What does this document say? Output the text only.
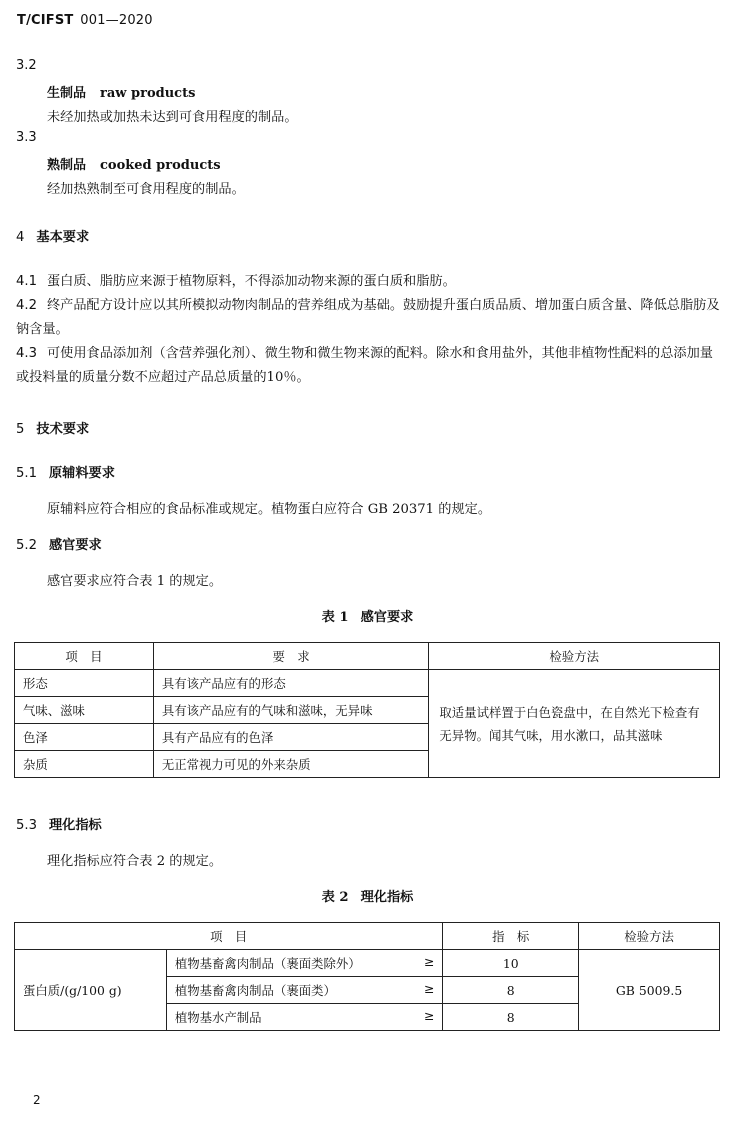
T/CIFST 001—2020
3.2
生制品 raw products
未经加热或加热未达到可食用程度的制品。
3.3
熟制品 cooked products
经加热熟制至可食用程度的制品。
4 基本要求
4.1 蛋白质、脂肪应来源于植物原料，不得添加动物来源的蛋白质和脂肪。
4.2 终产品配方设计应以其所模拟动物肉制品的营养组成为基础。鼓励提升蛋白质品质、增加蛋白质含量、降低总脂肪及钠含量。
4.3 可使用食品添加剂（含营养强化剂）、微生物和微生物来源的配料。除水和食用盐外，其他非植物性配料的总添加量或投料量的质量分数不应超过产品总质量的10％。
5 技术要求
5.1 原辅料要求
原辅料应符合相应的食品标准或规定。植物蛋白应符合 GB 20371 的规定。
5.2 感官要求
感官要求应符合表 1 的规定。
表 1 感官要求
项　目	要　求	检验方法
形态	具有该产品应有的形态	取适量试样置于白色瓷盘中，在自然光下检查有无异物。闻其气味，用水漱口，品其滋味
气味、滋味	具有该产品应有的气味和滋味，无异味	
色泽	具有产品应有的色泽	
杂质	无正常视力可见的外来杂质	
5.3 理化指标
理化指标应符合表 2 的规定。
表 2 理化指标
项　目		指　标	检验方法
蛋白质/(g/100 g)	植物基畜禽肉制品（裹面类除外） ≥	10	GB 5009.5
	植物基畜禽肉制品（裹面类） ≥	8	
	植物基水产制品 ≥	8	
2
